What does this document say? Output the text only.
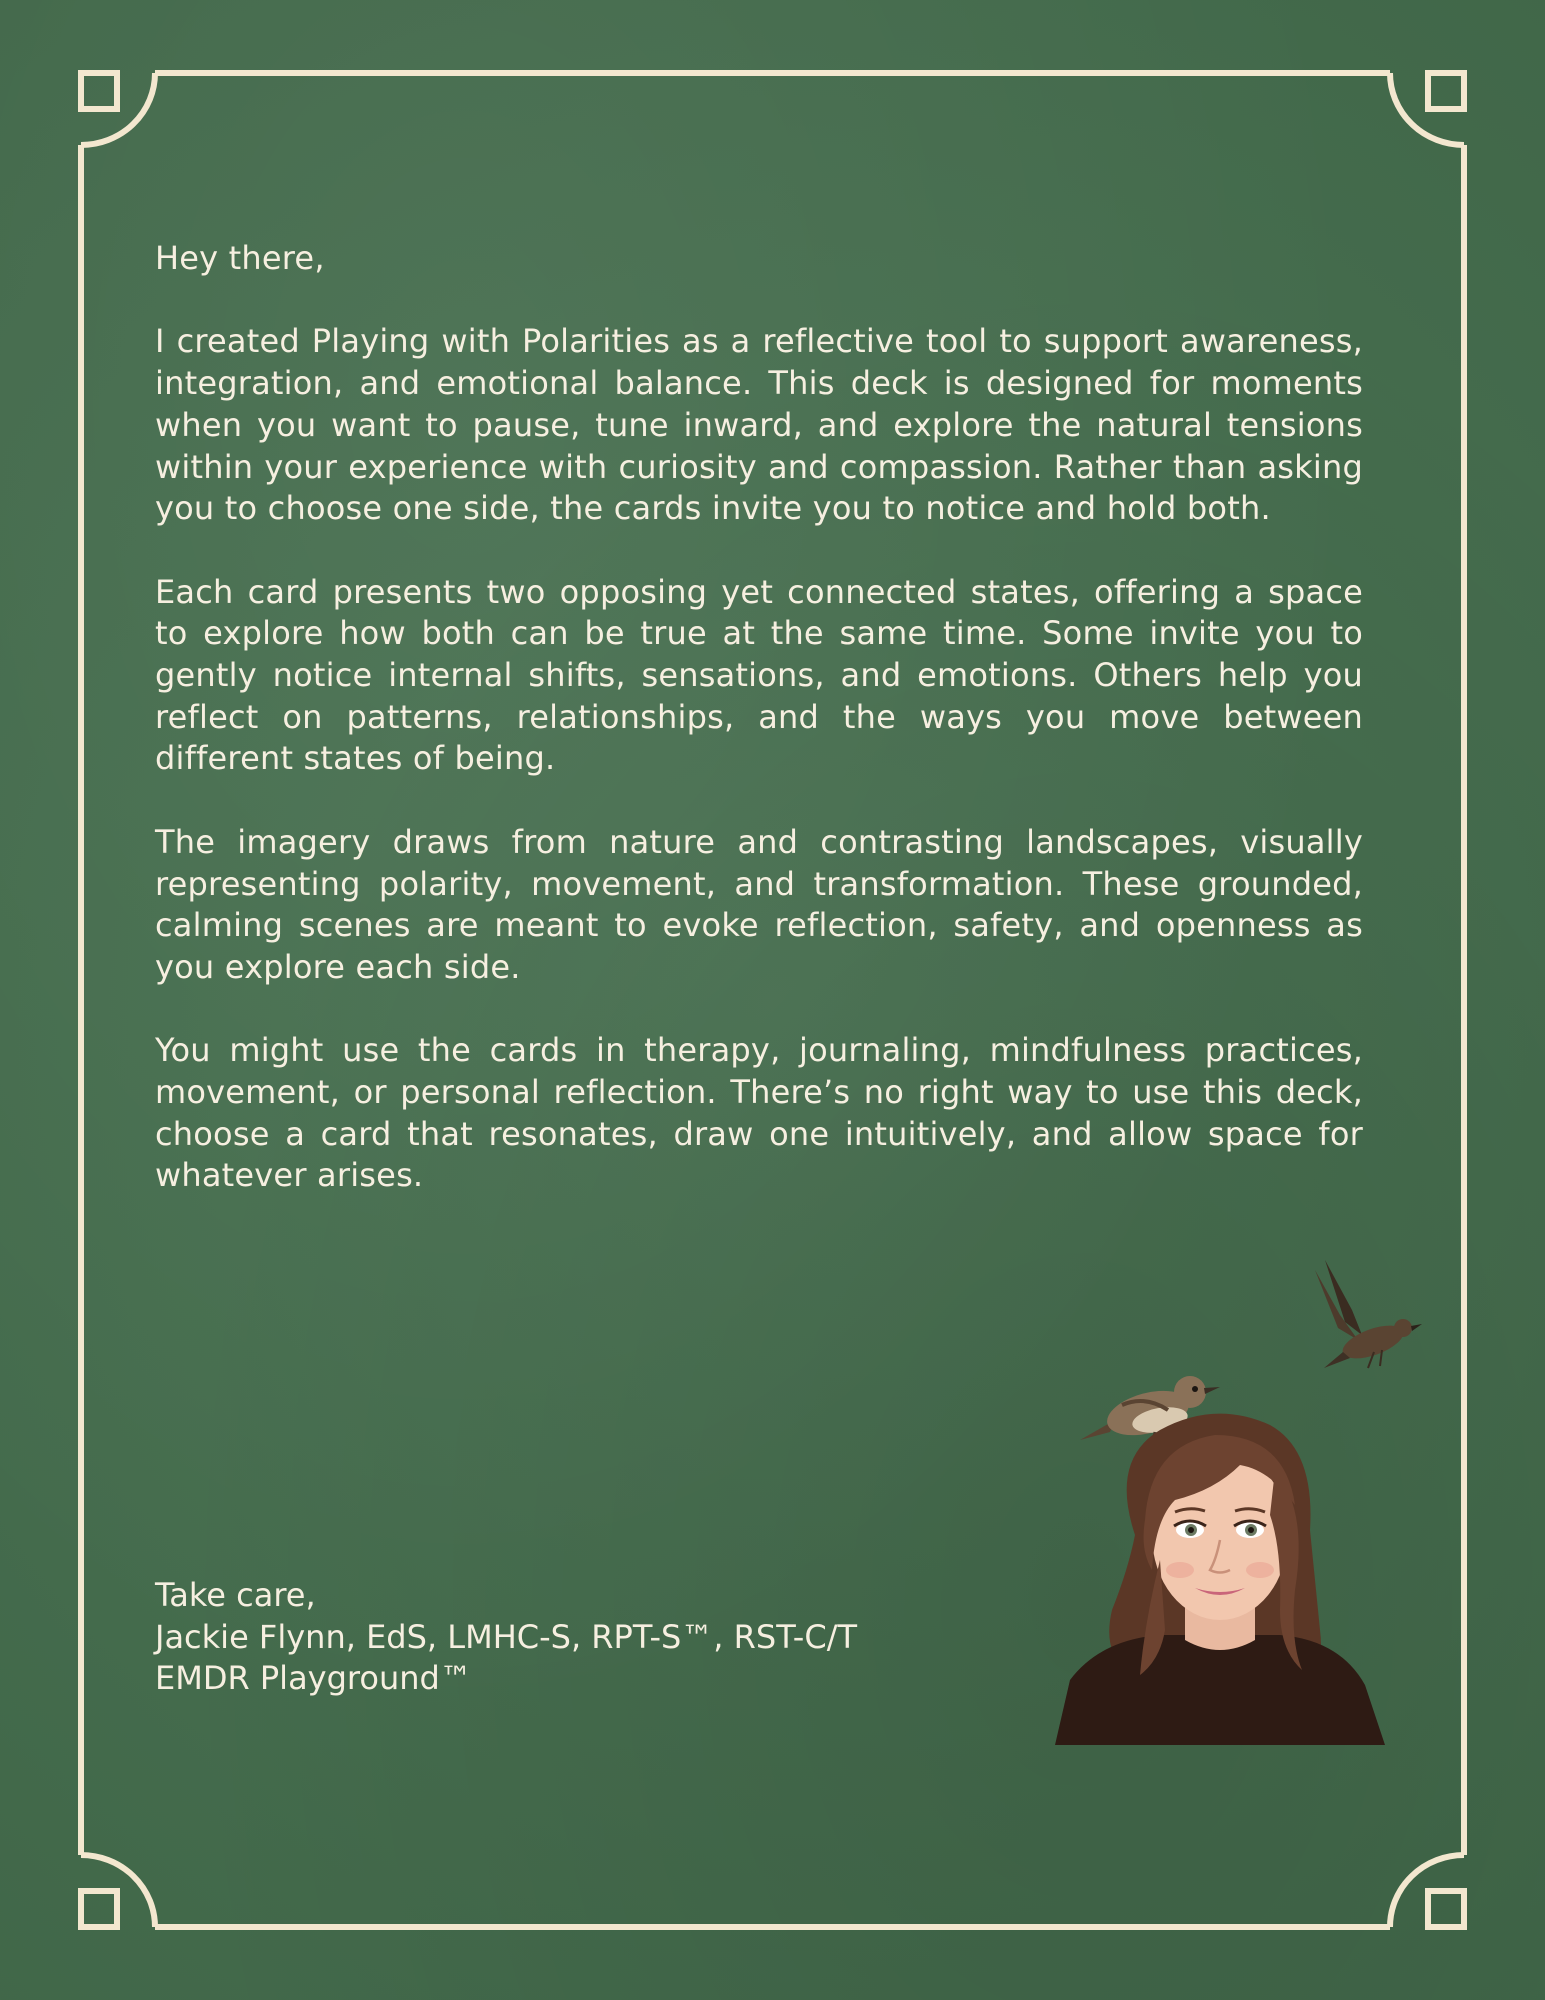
Hey there,

I created Playing with Polarities as a reflective tool to support awareness, integration, and emotional balance. This deck is designed for moments when you want to pause, tune inward, and explore the natural tensions within your experience with curiosity and compassion. Rather than asking you to choose one side, the cards invite you to notice and hold both.

Each card presents two opposing yet connected states, offering a space to explore how both can be true at the same time. Some invite you to gently notice internal shifts, sensations, and emotions. Others help you reflect on patterns, relationships, and the ways you move between different states of being.

The imagery draws from nature and contrasting landscapes, visually representing polarity, movement, and transformation. These grounded, calming scenes are meant to evoke reflection, safety, and openness as you explore each side.

You might use the cards in therapy, journaling, mindfulness practices, movement, or personal reflection. There’s no right way to use this deck, choose a card that resonates, draw one intuitively, and allow space for whatever arises.

Take care,
Jackie Flynn, EdS, LMHC-S, RPT-S™, RST-C/T
EMDR Playground™
